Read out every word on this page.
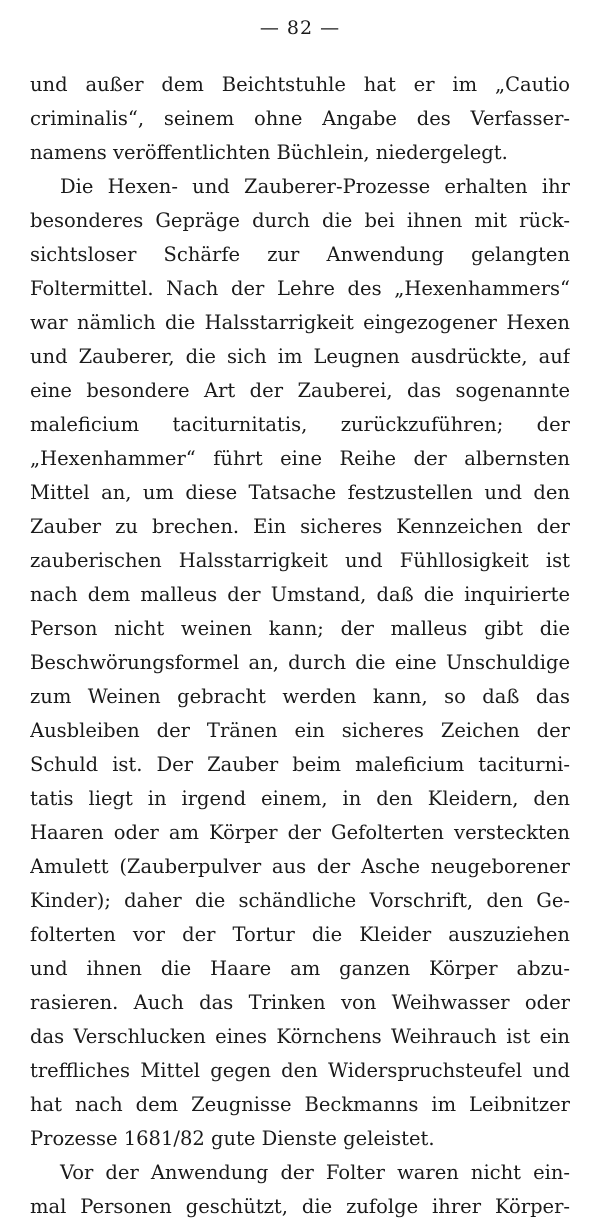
— 82 —
und außer dem Beichtstuhle hat er im „Cautio
criminalis“, seinem ohne Angabe des Verfasser-
namens veröffentlichten Büchlein, niedergelegt.
Die Hexen- und Zauberer-Prozesse erhalten ihr
besonderes Gepräge durch die bei ihnen mit rück-
sichtsloser Schärfe zur Anwendung gelangten
Foltermittel. Nach der Lehre des „Hexenhammers“
war nämlich die Halsstarrigkeit eingezogener Hexen
und Zauberer, die sich im Leugnen ausdrückte, auf
eine besondere Art der Zauberei, das sogenannte
maleficium taciturnitatis, zurückzuführen; der
„Hexenhammer“ führt eine Reihe der albernsten
Mittel an, um diese Tatsache festzustellen und den
Zauber zu brechen. Ein sicheres Kennzeichen der
zauberischen Halsstarrigkeit und Fühllosigkeit ist
nach dem malleus der Umstand, daß die inquirierte
Person nicht weinen kann; der malleus gibt die
Beschwörungsformel an, durch die eine Unschuldige
zum Weinen gebracht werden kann, so daß das
Ausbleiben der Tränen ein sicheres Zeichen der
Schuld ist. Der Zauber beim maleficium taciturni-
tatis liegt in irgend einem, in den Kleidern, den
Haaren oder am Körper der Gefolterten versteckten
Amulett (Zauberpulver aus der Asche neugeborener
Kinder); daher die schändliche Vorschrift, den Ge-
folterten vor der Tortur die Kleider auszuziehen
und ihnen die Haare am ganzen Körper abzu-
rasieren. Auch das Trinken von Weihwasser oder
das Verschlucken eines Körnchens Weihrauch ist ein
treffliches Mittel gegen den Widerspruchsteufel und
hat nach dem Zeugnisse Beckmanns im Leibnitzer
Prozesse 1681/82 gute Dienste geleistet.
Vor der Anwendung der Folter waren nicht ein-
mal Personen geschützt, die zufolge ihrer Körper-
